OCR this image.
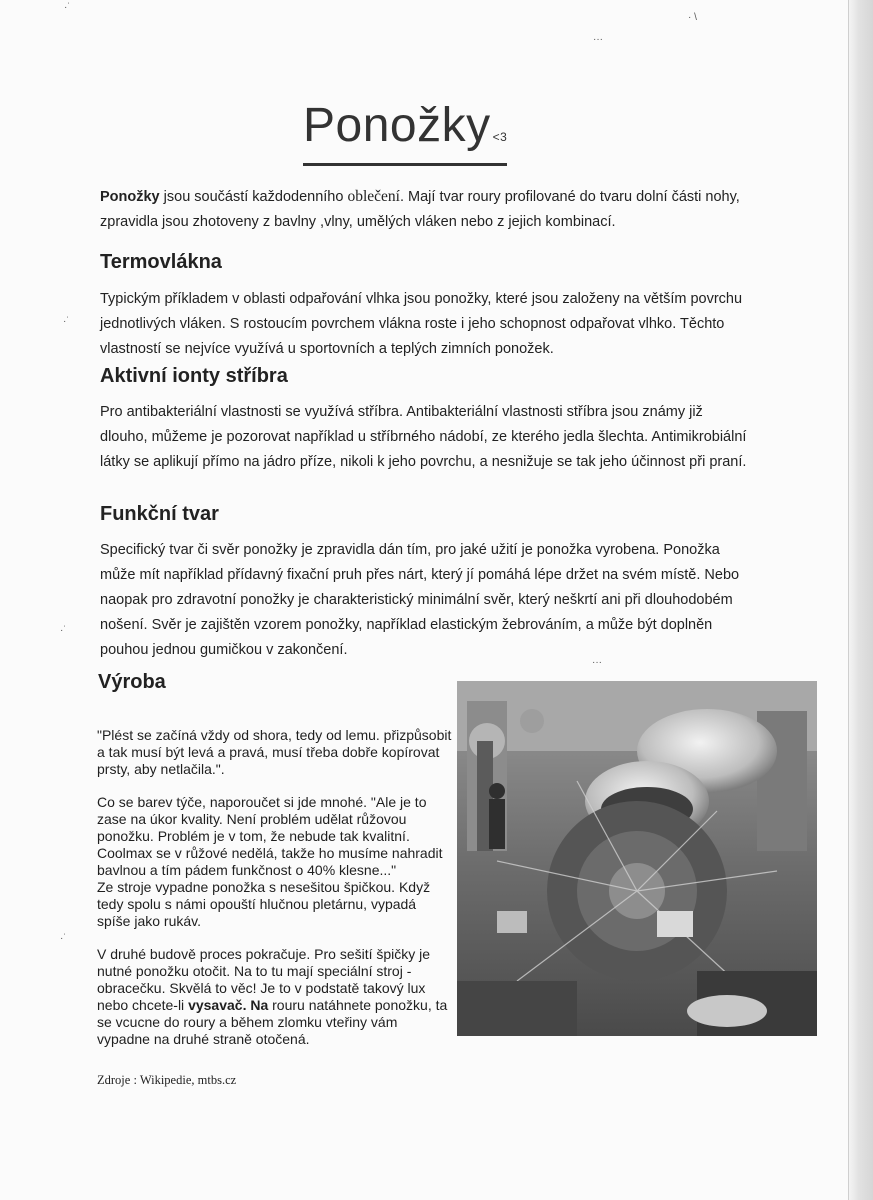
·˙
···
· \
·˙
·˙
···
·˙
Ponožky <3
Ponožky jsou součástí každodenního oblečení. Mají tvar roury profilované do tvaru dolní části nohy, zpravidla jsou zhotoveny z bavlny ,vlny, umělých vláken nebo z jejich kombinací.
Termovlákna
Typickým příkladem v oblasti odpařování vlhka jsou ponožky, které jsou založeny na větším povrchu jednotlivých vláken. S rostoucím povrchem vlákna roste i jeho schopnost odpařovat vlhko. Těchto vlastností se nejvíce využívá u sportovních a teplých zimních ponožek.
Aktivní ionty stříbra
Pro antibakteriální vlastnosti se využívá stříbra. Antibakteriální vlastnosti stříbra jsou známy již dlouho, můžeme je pozorovat například u stříbrného nádobí, ze kterého jedla šlechta. Antimikrobiální látky se aplikují přímo na jádro příze, nikoli k jeho povrchu, a nesnižuje se tak jeho účinnost při praní.
Funkční tvar
Specifický tvar či svěr ponožky je zpravidla dán tím, pro jaké užití je ponožka vyrobena. Ponožka může mít například přídavný fixační pruh přes nárt, který jí pomáhá lépe držet na svém místě. Nebo naopak pro zdravotní ponožky je charakteristický minimální svěr, který neškrtí ani při dlouhodobém nošení. Svěr je zajištěn vzorem ponožky, například elastickým žebrováním, a může být doplněn pouhou jednou gumičkou v zakončení.
Výroba

"Plést se začíná vždy od shora, tedy od lemu. přizpůsobit a tak musí být levá a pravá, musí třeba dobře kopírovat prsty, aby netlačila.".

Co se barev týče, naporoučet si jde mnohé. "Ale je to zase na úkor kvality. Není problém udělat růžovou ponožku. Problém je v tom, že nebude tak kvalitní. Coolmax se v růžové nedělá, takže ho musíme nahradit bavlnou a tím pádem funkčnost o 40% klesne..."

Ze stroje vypadne ponožka s nesešitou špičkou. Když tedy spolu s námi opouští hlučnou pletárnu, vypadá spíše jako rukáv.

V druhé budově proces pokračuje. Pro sešití špičky je nutné ponožku otočit. Na to tu mají speciální stroj - obracečku. Skvělá to věc! Je to v podstatě takový lux nebo chcete-li vysavač. Na rouru natáhnete ponožku, ta se vcucne do roury a během zlomku vteřiny vám vypadne na druhé straně otočená.

Zdroje : Wikipedie, mtbs.cz
